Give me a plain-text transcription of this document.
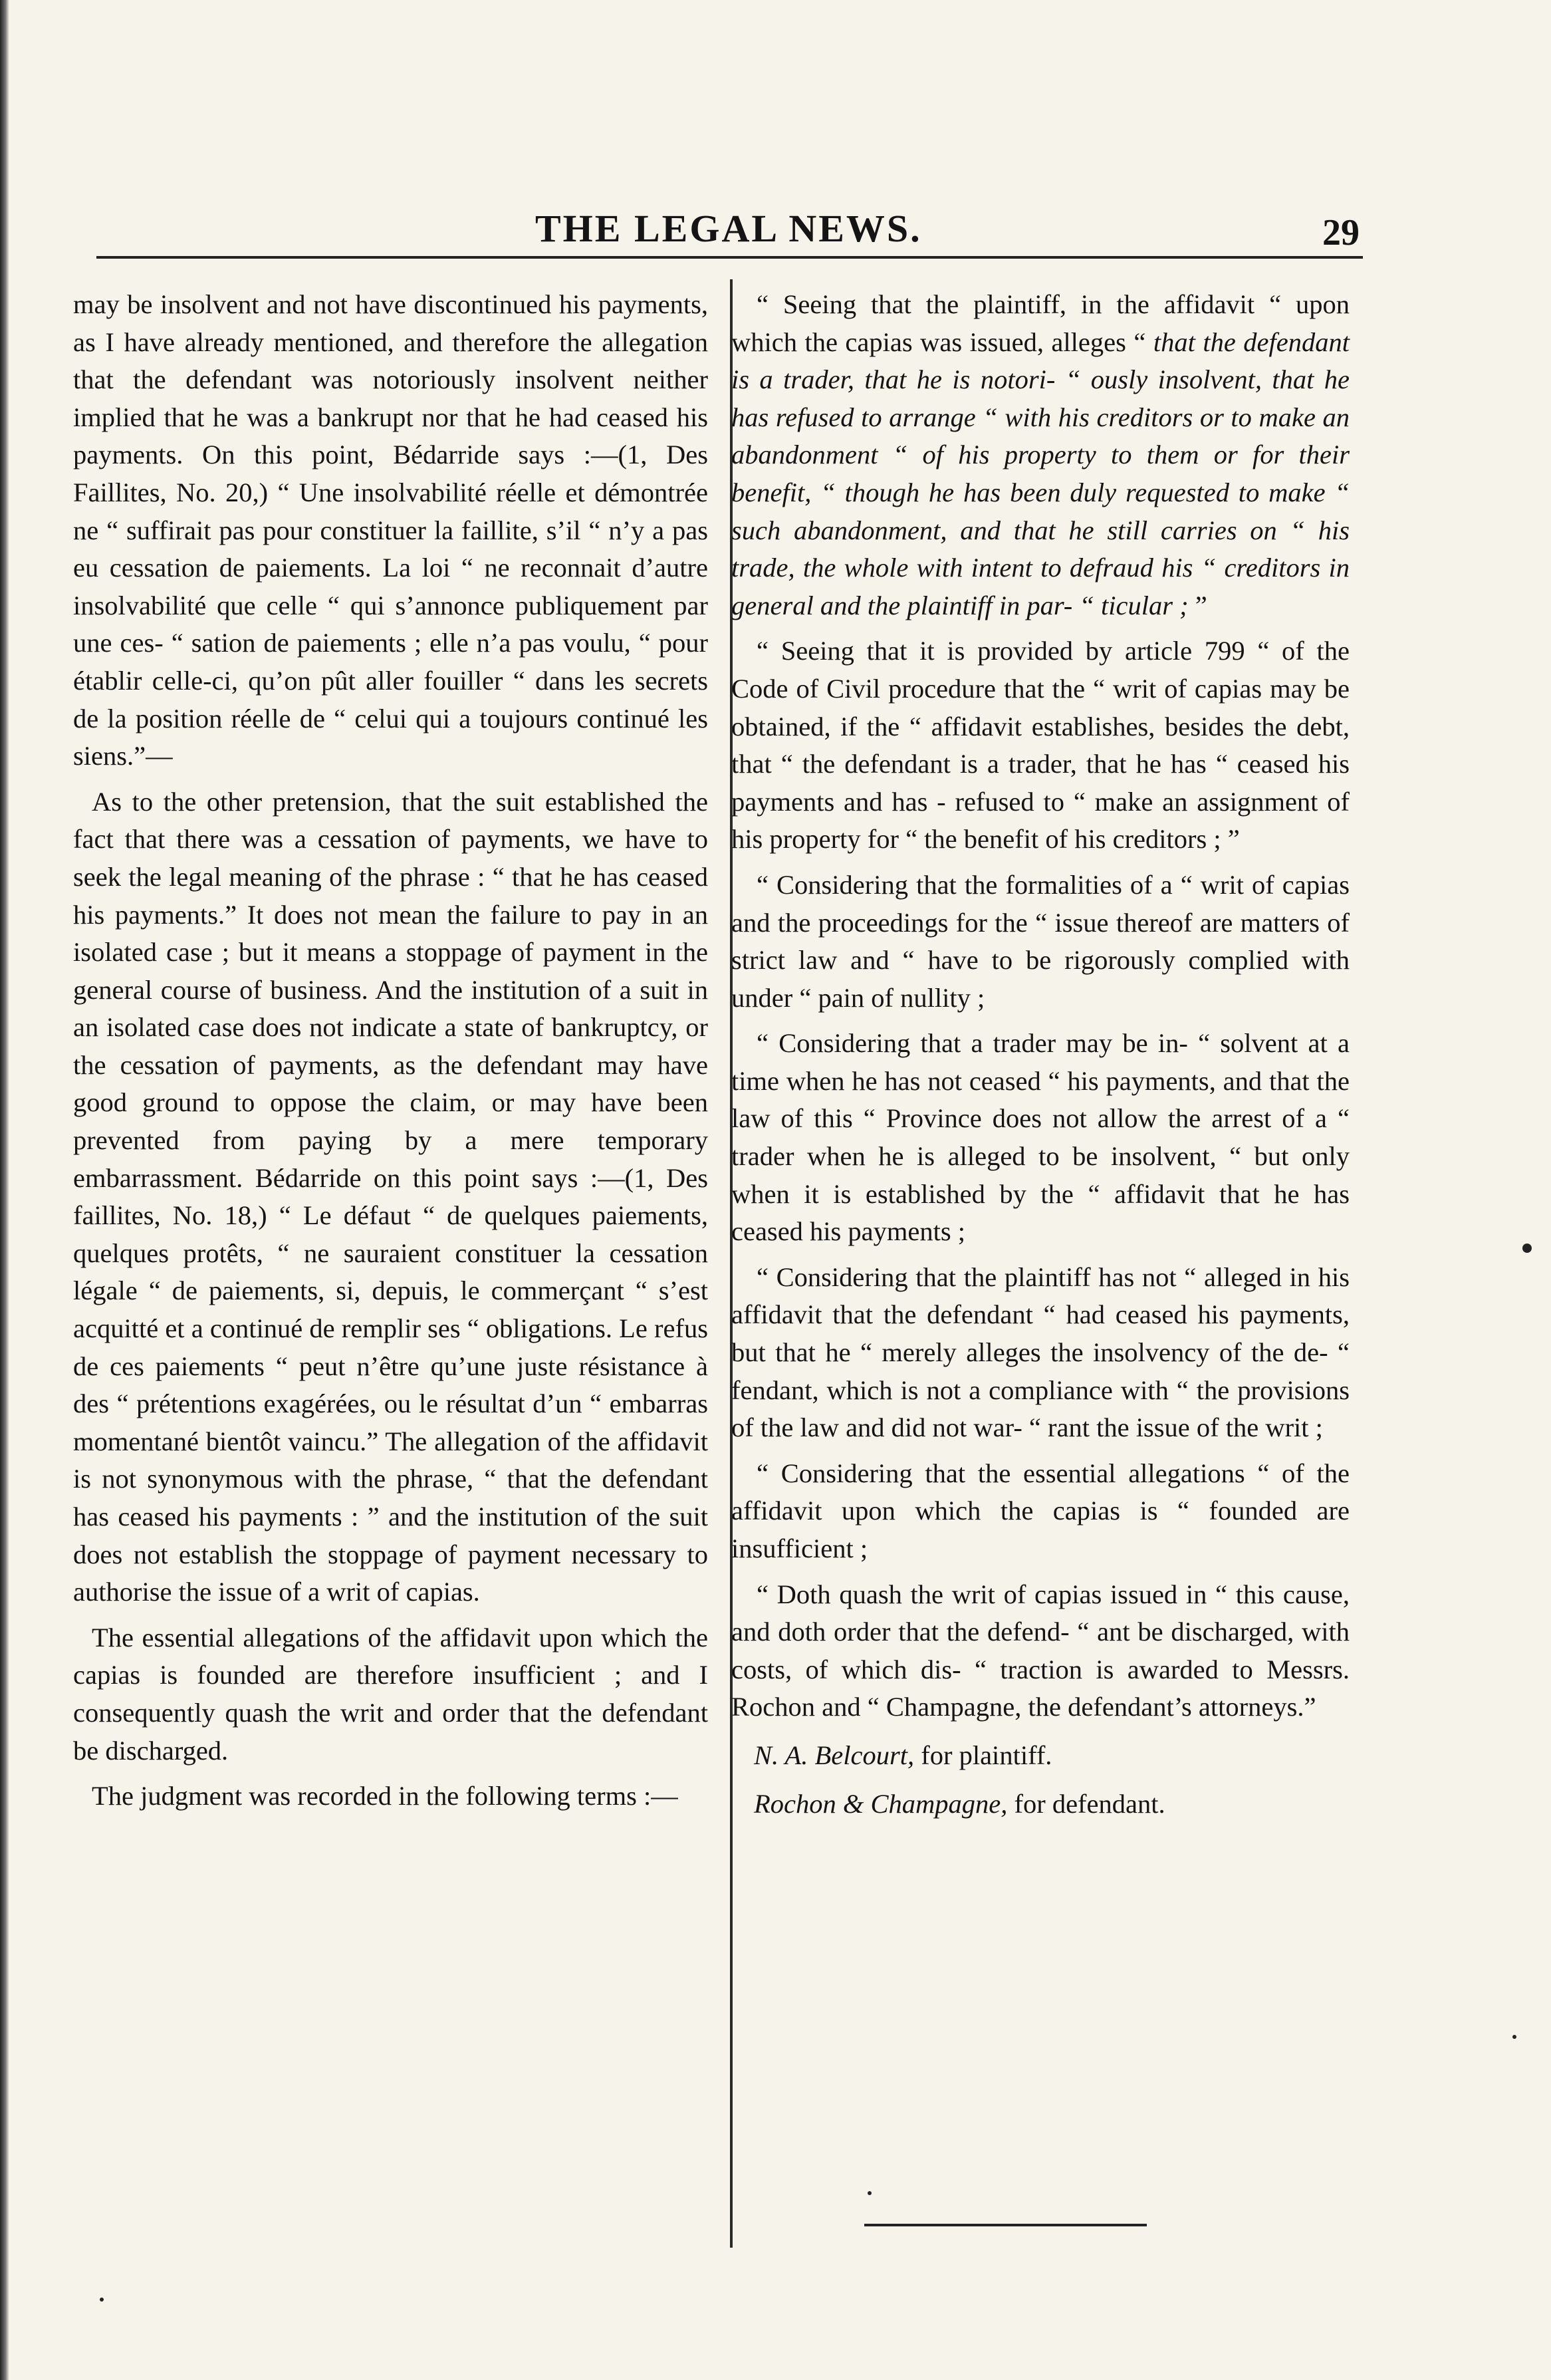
THE LEGAL NEWS.	29

may be insolvent and not have discontinued his payments, as I have already mentioned, and therefore the allegation that the defendant was notoriously insolvent neither implied that he was a bankrupt nor that he had ceased his payments. On this point, Bédarride says :—(1, Des Faillites, No. 20,) “ Une insolvabilité réelle et démontrée ne “ suffirait pas pour constituer la faillite, s’il “ n’y a pas eu cessation de paiements. La loi “ ne reconnait d’autre insolvabilité que celle “ qui s’annonce publiquement par une ces- “ sation de paiements ; elle n’a pas voulu, “ pour établir celle-ci, qu’on pût aller fouiller “ dans les secrets de la position réelle de “ celui qui a toujours continué les siens.”—

As to the other pretension, that the suit established the fact that there was a cessation of payments, we have to seek the legal meaning of the phrase : “ that he has ceased his payments.” It does not mean the failure to pay in an isolated case ; but it means a stoppage of payment in the general course of business. And the institution of a suit in an isolated case does not indicate a state of bankruptcy, or the cessation of payments, as the defendant may have good ground to oppose the claim, or may have been prevented from paying by a mere temporary embarrassment. Bédarride on this point says :—(1, Des faillites, No. 18,) “ Le défaut “ de quelques paiements, quelques protêts, “ ne sauraient constituer la cessation légale “ de paiements, si, depuis, le commerçant “ s’est acquitté et a continué de remplir ses “ obligations. Le refus de ces paiements “ peut n’être qu’une juste résistance à des “ prétentions exagérées, ou le résultat d’un “ embarras momentané bientôt vaincu.” The allegation of the affidavit is not synonymous with the phrase, “ that the defendant has ceased his payments : ” and the institution of the suit does not establish the stoppage of payment necessary to authorise the issue of a writ of capias.

The essential allegations of the affidavit upon which the capias is founded are therefore insufficient ; and I consequently quash the writ and order that the defendant be discharged.

The judgment was recorded in the following terms :—

“ Seeing that the plaintiff, in the affidavit “ upon which the capias was issued, alleges “ that the defendant is a trader, that he is notori- “ ously insolvent, that he has refused to arrange “ with his creditors or to make an abandonment “ of his property to them or for their benefit, “ though he has been duly requested to make “ such abandonment, and that he still carries on “ his trade, the whole with intent to defraud his “ creditors in general and the plaintiff in par- “ ticular ; ”

“ Seeing that it is provided by article 799 “ of the Code of Civil procedure that the “ writ of capias may be obtained, if the “ affidavit establishes, besides the debt, that “ the defendant is a trader, that he has “ ceased his payments and has - refused to “ make an assignment of his property for “ the benefit of his creditors ; ”

“ Considering that the formalities of a “ writ of capias and the proceedings for the “ issue thereof are matters of strict law and “ have to be rigorously complied with under “ pain of nullity ;

“ Considering that a trader may be in- “ solvent at a time when he has not ceased “ his payments, and that the law of this “ Province does not allow the arrest of a “ trader when he is alleged to be insolvent, “ but only when it is established by the “ affidavit that he has ceased his payments ;

“ Considering that the plaintiff has not “ alleged in his affidavit that the defendant “ had ceased his payments, but that he “ merely alleges the insolvency of the de- “ fendant, which is not a compliance with “ the provisions of the law and did not war- “ rant the issue of the writ ;

“ Considering that the essential allegations “ of the affidavit upon which the capias is “ founded are insufficient ;

“ Doth quash the writ of capias issued in “ this cause, and doth order that the defend- “ ant be discharged, with costs, of which dis- “ traction is awarded to Messrs. Rochon and “ Champagne, the defendant’s attorneys.”

N. A. Belcourt, for plaintiff.
Rochon & Champagne, for defendant.
